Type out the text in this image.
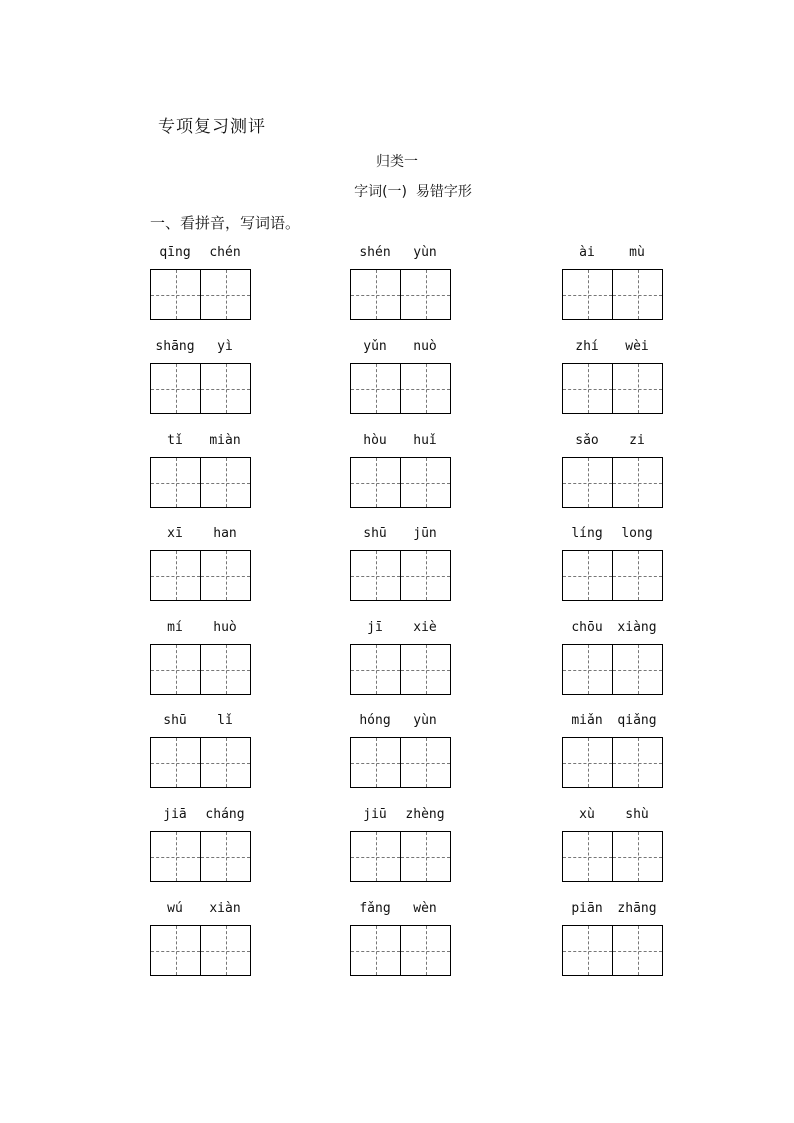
专项复习测评
归类一
字词(一)  易错字形
一、看拼音，写词语。
qīng	chén	shén	yùn	ài	mù
shāng	yì	yǔn	nuò	zhí	wèi
tǐ	miàn	hòu	huǐ	sǎo	zi
xī	han	shū	jūn	líng	long
mí	huò	jī	xiè	chōu	xiàng
shū	lǐ	hóng	yùn	miǎn	qiǎng
jiā	cháng	jiū	zhèng	xù	shù
wú	xiàn	fǎng	wèn	piān	zhāng
